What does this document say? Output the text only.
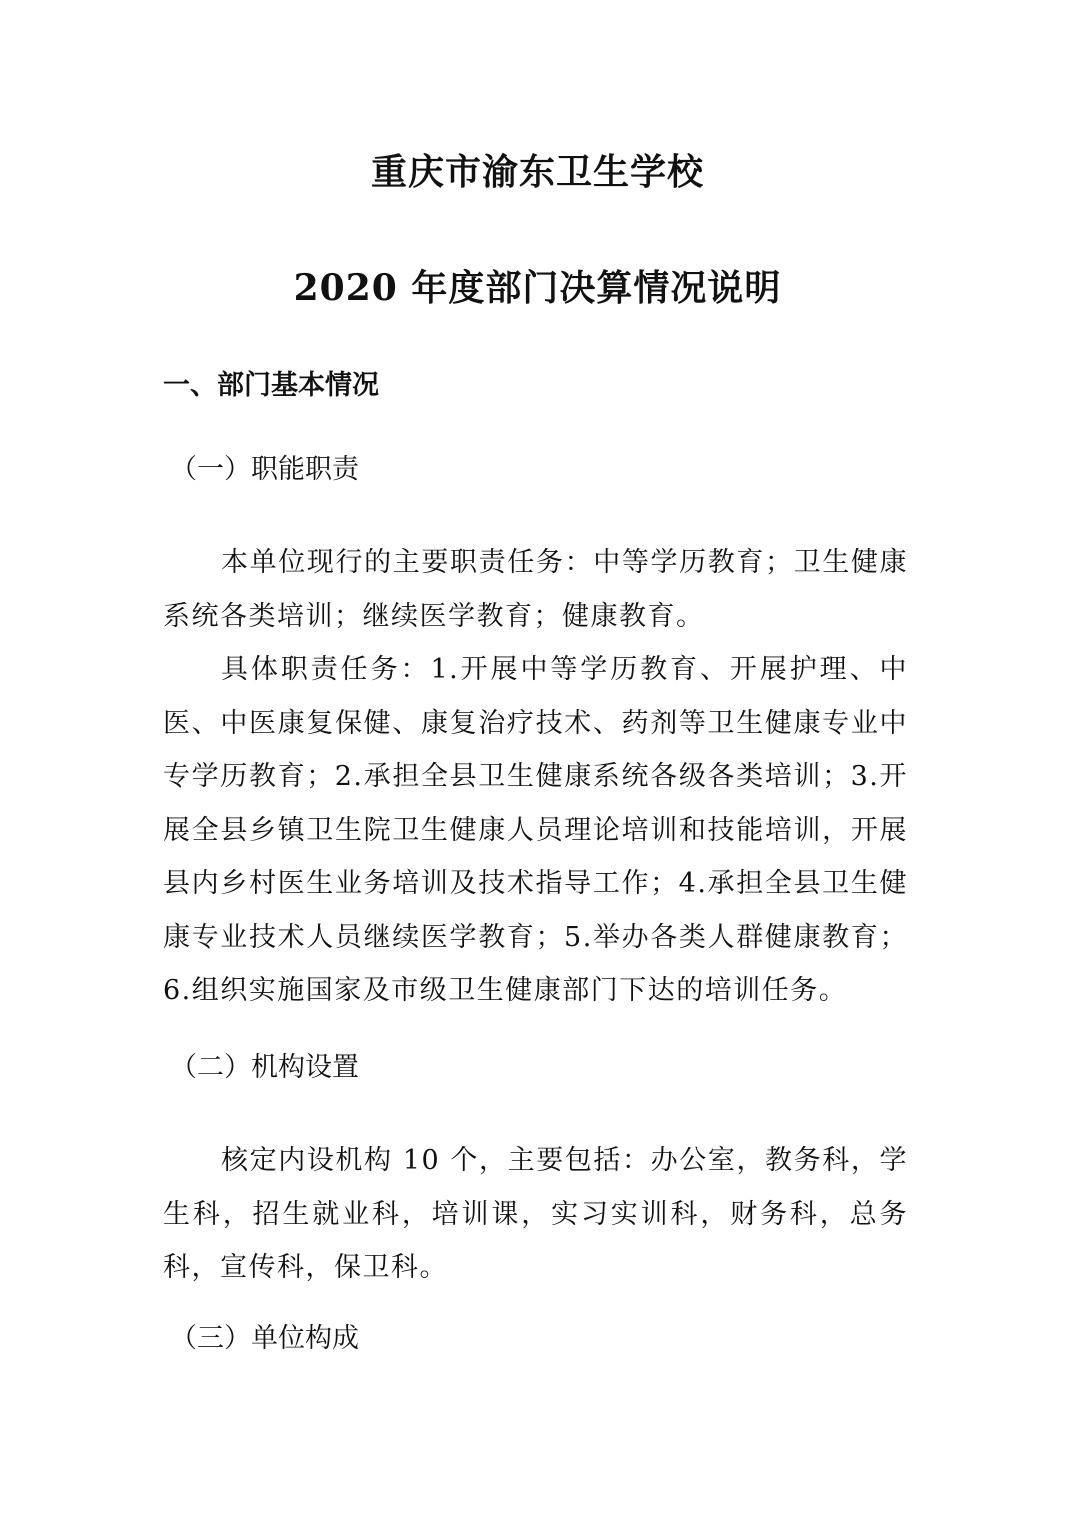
重庆市渝东卫生学校
2020 年度部门决算情况说明
一、部门基本情况
（一）职能职责

本单位现行的主要职责任务：中等学历教育；卫生健康系统各类培训；继续医学教育；健康教育。

具体职责任务：1.开展中等学历教育、开展护理、中医、中医康复保健、康复治疗技术、药剂等卫生健康专业中专学历教育；2.承担全县卫生健康系统各级各类培训；3.开展全县乡镇卫生院卫生健康人员理论培训和技能培训，开展县内乡村医生业务培训及技术指导工作；4.承担全县卫生健康专业技术人员继续医学教育；5.举办各类人群健康教育；6.组织实施国家及市级卫生健康部门下达的培训任务。

（二）机构设置

核定内设机构 10 个，主要包括：办公室，教务科，学生科，招生就业科，培训课，实习实训科，财务科，总务科，宣传科，保卫科。

（三）单位构成
